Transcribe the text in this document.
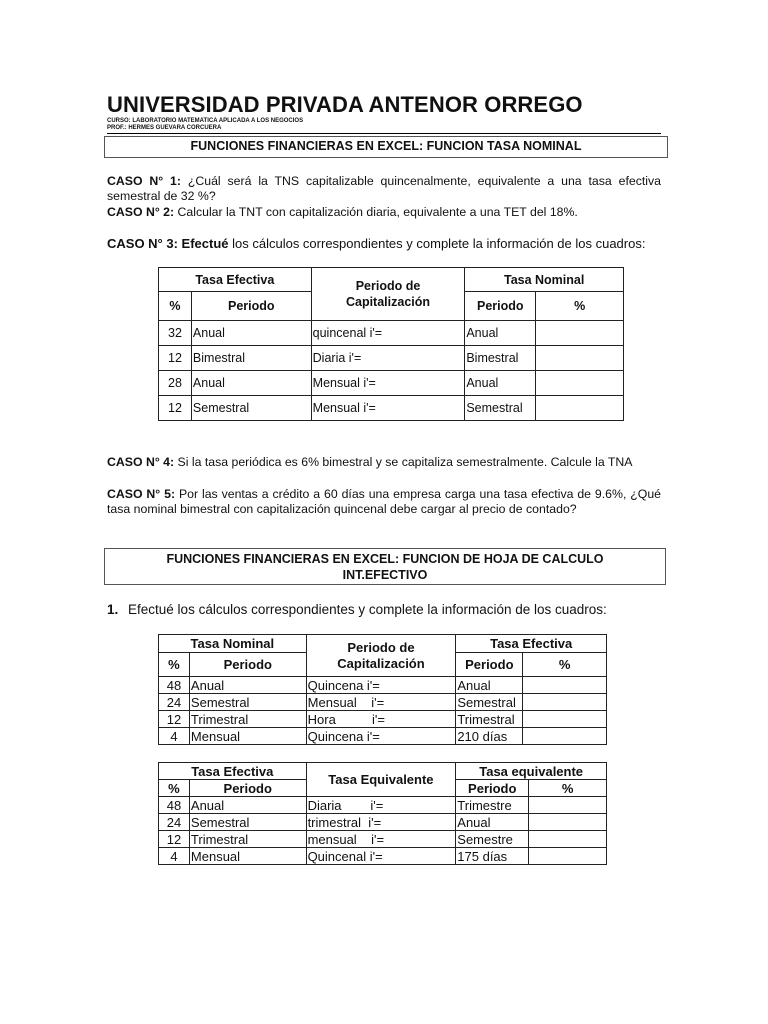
UNIVERSIDAD PRIVADA ANTENOR ORREGO
CURSO: LABORATORIO MATEMATICA APLICADA A LOS NEGOCIOS
PROF.: HERMES GUEVARA CORCUERA
FUNCIONES FINANCIERAS EN EXCEL: FUNCION TASA NOMINAL
CASO N° 1: ¿Cuál será la TNS capitalizable quincenalmente, equivalente a una tasa efectiva semestral de 32 %?
CASO N° 2: Calcular la TNT con capitalización diaria, equivalente a una TET del 18%.
CASO N° 3: Efectué los cálculos correspondientes y complete la información de los cuadros:
Tasa Efectiva		Periodo de Capitalización	Tasa Nominal	
%	Periodo		Periodo	%
32	Anual	quincenal i'=	Anual	
12	Bimestral	Diaria i'=	Bimestral	
28	Anual	Mensual i'=	Anual	
12	Semestral	Mensual i'=	Semestral	
CASO N° 4: Si la tasa periódica es 6% bimestral y se capitaliza semestralmente. Calcule la TNA
CASO N° 5: Por las ventas a crédito a 60 días una empresa carga una tasa efectiva de 9.6%, ¿Qué tasa nominal bimestral con capitalización quincenal debe cargar al precio de contado?
FUNCIONES FINANCIERAS EN EXCEL: FUNCION DE HOJA DE CALCULO
INT.EFECTIVO
1. Efectué los cálculos correspondientes y complete la información de los cuadros:
Tasa Nominal		Periodo de Capitalización	Tasa Efectiva	
%	Periodo		Periodo	%
48	Anual	Quincena i'=	Anual	
24	Semestral	Mensual    i'=	Semestral	
12	Trimestral	Hora          i'=	Trimestral	
4	Mensual	Quincena i'=	210 días	
Tasa Efectiva		Tasa Equivalente	Tasa equivalente	
%	Periodo		Periodo	%
48	Anual	Diaria        i'=	Trimestre	
24	Semestral	trimestral  i'=	Anual	
12	Trimestral	mensual    i'=	Semestre	
4	Mensual	Quincenal i'=	175 días	
